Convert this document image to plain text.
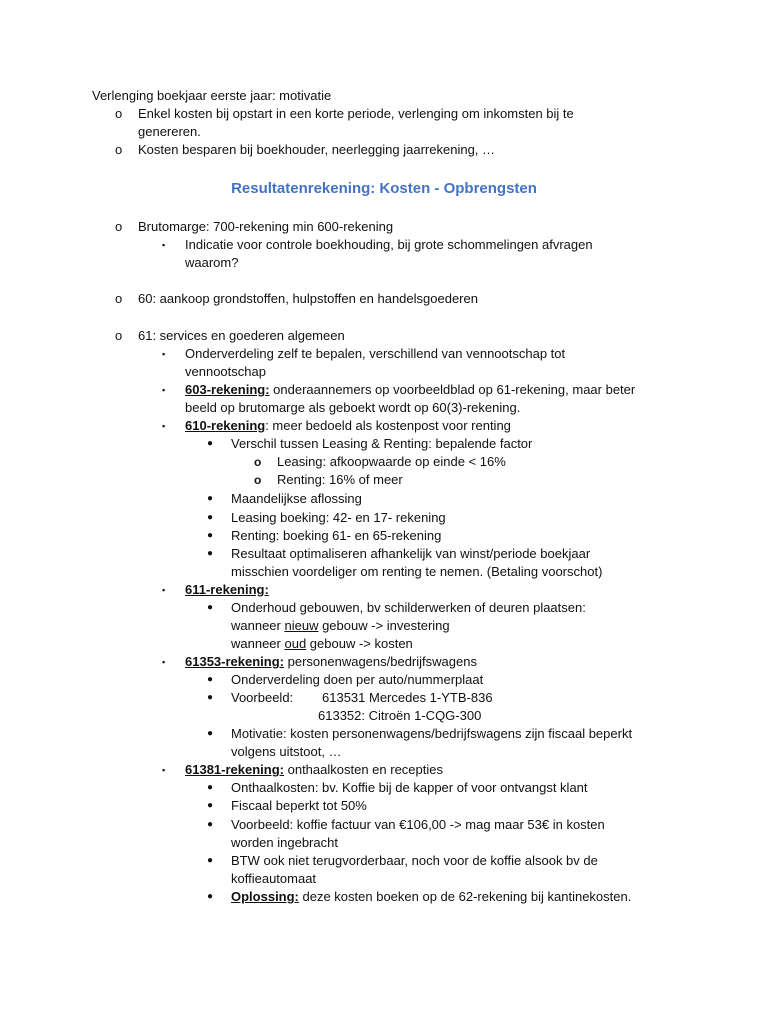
Verlenging boekjaar eerste jaar: motivatie
o Enkel kosten bij opstart in een korte periode, verlenging om inkomsten bij te
genereren.
o Kosten besparen bij boekhouder, neerlegging jaarrekening, …
Resultatenrekening: Kosten - Opbrengsten
o Brutomarge: 700-rekening min 600-rekening
▪ Indicatie voor controle boekhouding, bij grote schommelingen afvragen
waarom?
o 60: aankoop grondstoffen, hulpstoffen en handelsgoederen
o 61: services en goederen algemeen
▪ Onderverdeling zelf te bepalen, verschillend van vennootschap tot
vennootschap
▪ 603-rekening: onderaannemers op voorbeeldblad op 61-rekening, maar beter
beeld op brutomarge als geboekt wordt op 60(3)-rekening.
▪ 610-rekening: meer bedoeld als kostenpost voor renting
● Verschil tussen Leasing & Renting: bepalende factor
o Leasing: afkoopwaarde op einde < 16%
o Renting: 16% of meer
● Maandelijkse aflossing
● Leasing boeking: 42- en 17- rekening
● Renting: boeking 61- en 65-rekening
● Resultaat optimaliseren afhankelijk van winst/periode boekjaar
misschien voordeliger om renting te nemen. (Betaling voorschot)
▪ 611-rekening:
● Onderhoud gebouwen, bv schilderwerken of deuren plaatsen:
wanneer nieuw gebouw -> investering
wanneer oud gebouw -> kosten
▪ 61353-rekening: personenwagens/bedrijfswagens
● Onderverdeling doen per auto/nummerplaat
● Voorbeeld: 613531 Mercedes 1-YTB-836
613352: Citroën 1-CQG-300
● Motivatie: kosten personenwagens/bedrijfswagens zijn fiscaal beperkt
volgens uitstoot, …
▪ 61381-rekening: onthaalkosten en recepties
● Onthaalkosten: bv. Koffie bij de kapper of voor ontvangst klant
● Fiscaal beperkt tot 50%
● Voorbeeld: koffie factuur van €106,00 -> mag maar 53€ in kosten
worden ingebracht
● BTW ook niet terugvorderbaar, noch voor de koffie alsook bv de
koffieautomaat
● Oplossing: deze kosten boeken op de 62-rekening bij kantinekosten.
